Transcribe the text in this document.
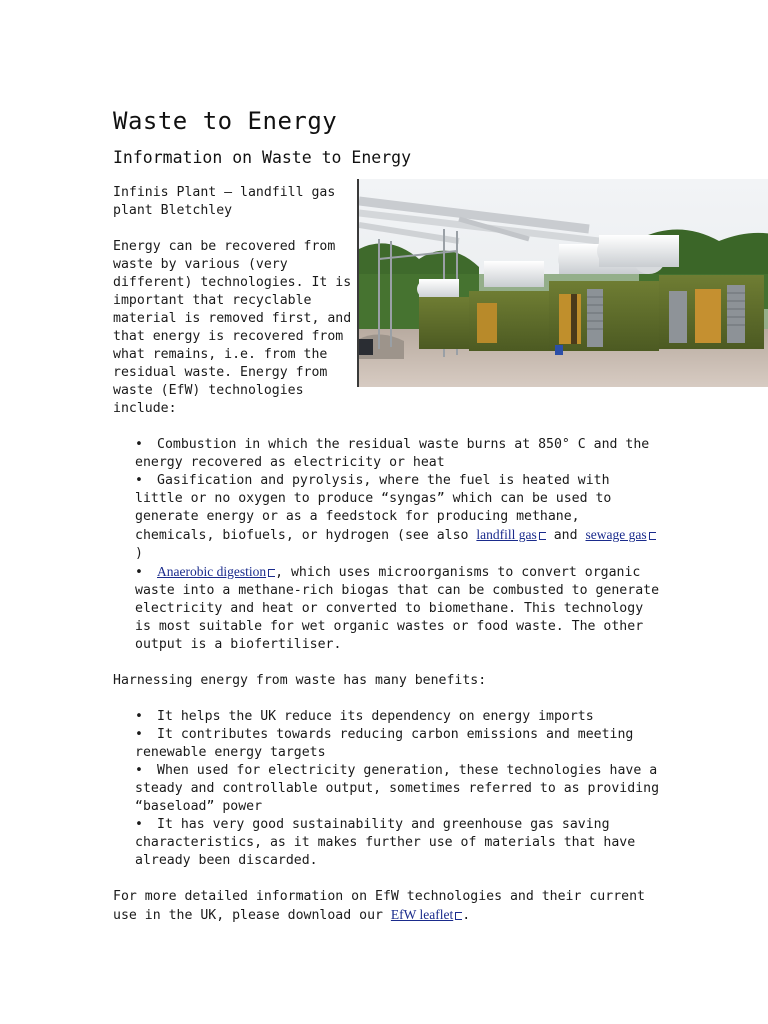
Waste to Energy
Information on Waste to Energy

Infinis Plant – landfill gas plant Bletchley

Energy can be recovered from waste by various (very different) technologies. It is important that recyclable material is removed first, and that energy is recovered from what remains, i.e. from the residual waste. Energy from waste (EfW) technologies include:

• Combustion in which the residual waste burns at 850° C and the energy recovered as electricity or heat
• Gasification and pyrolysis, where the fuel is heated with little or no oxygen to produce “syngas” which can be used to generate energy or as a feedstock for producing methane, chemicals, biofuels, or hydrogen (see also landfill gas and sewage gas)
• Anaerobic digestion , which uses microorganisms to convert organic waste into a methane-rich biogas that can be combusted to generate electricity and heat or converted to biomethane. This technology is most suitable for wet organic wastes or food waste. The other output is a biofertiliser.

Harnessing energy from waste has many benefits:

• It helps the UK reduce its dependency on energy imports
• It contributes towards reducing carbon emissions and meeting renewable energy targets
• When used for electricity generation, these technologies have a steady and controllable output, sometimes referred to as providing “baseload” power
• It has very good sustainability and greenhouse gas saving characteristics, as it makes further use of materials that have already been discarded.

For more detailed information on EfW technologies and their current use in the UK, please download our EfW leaflet .
